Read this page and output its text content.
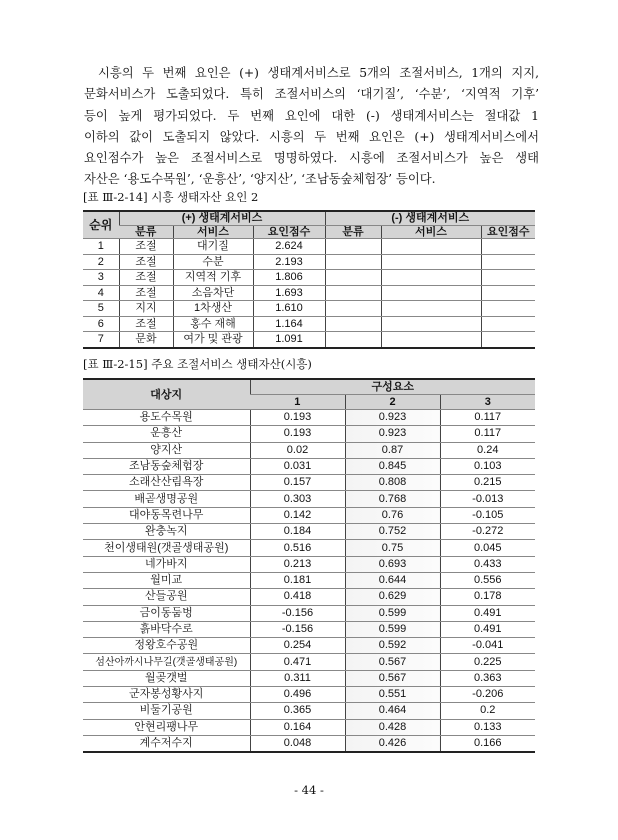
시흥의 두 번째 요인은 (+) 생태계서비스로 5개의 조절서비스, 1개의 지지,
문화서비스가 도출되었다. 특히 조절서비스의 ‘대기질’, ‘수분’, ‘지역적 기후’
등이 높게 평가되었다. 두 번째 요인에 대한 (-) 생태계서비스는 절대값 1
이하의 값이 도출되지 않았다. 시흥의 두 번째 요인은 (+) 생태계서비스에서
요인점수가 높은 조절서비스로 명명하였다. 시흥에 조절서비스가 높은 생태
자산은 ‘용도수목원’, ‘운흥산’, ‘양지산’, ‘조남동숲체험장’ 등이다.
[표 Ⅲ-2-14] 시흥 생태자산 요인 2
순위	(+) 생태계서비스			(-) 생태계서비스		
	분류	서비스	요인점수	분류	서비스	요인점수
1	조절	대기질	2.624			
2	조절	수분	2.193			
3	조절	지역적 기후	1.806			
4	조절	소음차단	1.693			
5	지지	1차생산	1.610			
6	조절	홍수 재해	1.164			
7	문화	여가 및 관광	1.091			
[표 Ⅲ-2-15] 주요 조절서비스 생태자산(시흥)
대상지	구성요소		
	1	2	3
용도수목원	0.193	0.923	0.117
운흥산	0.193	0.923	0.117
양지산	0.02	0.87	0.24
조남동숲체험장	0.031	0.845	0.103
소래산산림욕장	0.157	0.808	0.215
배곧생명공원	0.303	0.768	-0.013
대야동목련나무	0.142	0.76	-0.105
완충녹지	0.184	0.752	-0.272
천이생태원(갯골생태공원)	0.516	0.75	0.045
네가바지	0.213	0.693	0.433
월미교	0.181	0.644	0.556
산들공원	0.418	0.629	0.178
금이동둠벙	-0.156	0.599	0.491
흙바닥수로	-0.156	0.599	0.491
정왕호수공원	0.254	0.592	-0.041
섬산아까시나무길(갯골생태공원)	0.471	0.567	0.225
월곶갯벌	0.311	0.567	0.363
군자봉성황사지	0.496	0.551	-0.206
비둘기공원	0.365	0.464	0.2
안현리팽나무	0.164	0.428	0.133
계수저수지	0.048	0.426	0.166
- 44 -
